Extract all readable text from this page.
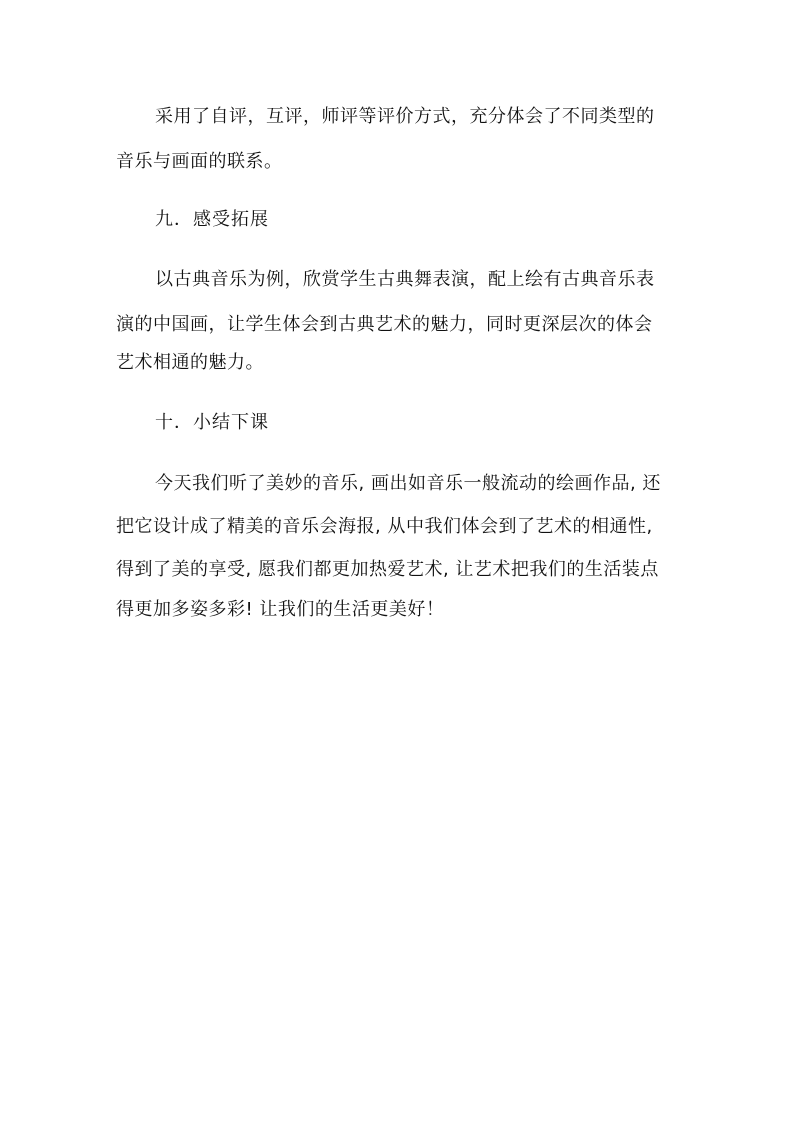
采用了自评，互评，师评等评价方式，充分体会了不同类型的
音乐与画面的联系。
九．感受拓展
以古典音乐为例，欣赏学生古典舞表演，配上绘有古典音乐表
演的中国画，让学生体会到古典艺术的魅力，同时更深层次的体会
艺术相通的魅力。
十．小结下课
今天我们听了美妙的音乐, 画出如音乐一般流动的绘画作品, 还
把它设计成了精美的音乐会海报, 从中我们体会到了艺术的相通性,
得到了美的享受, 愿我们都更加热爱艺术, 让艺术把我们的生活装点
得更加多姿多彩! 让我们的生活更美好！
